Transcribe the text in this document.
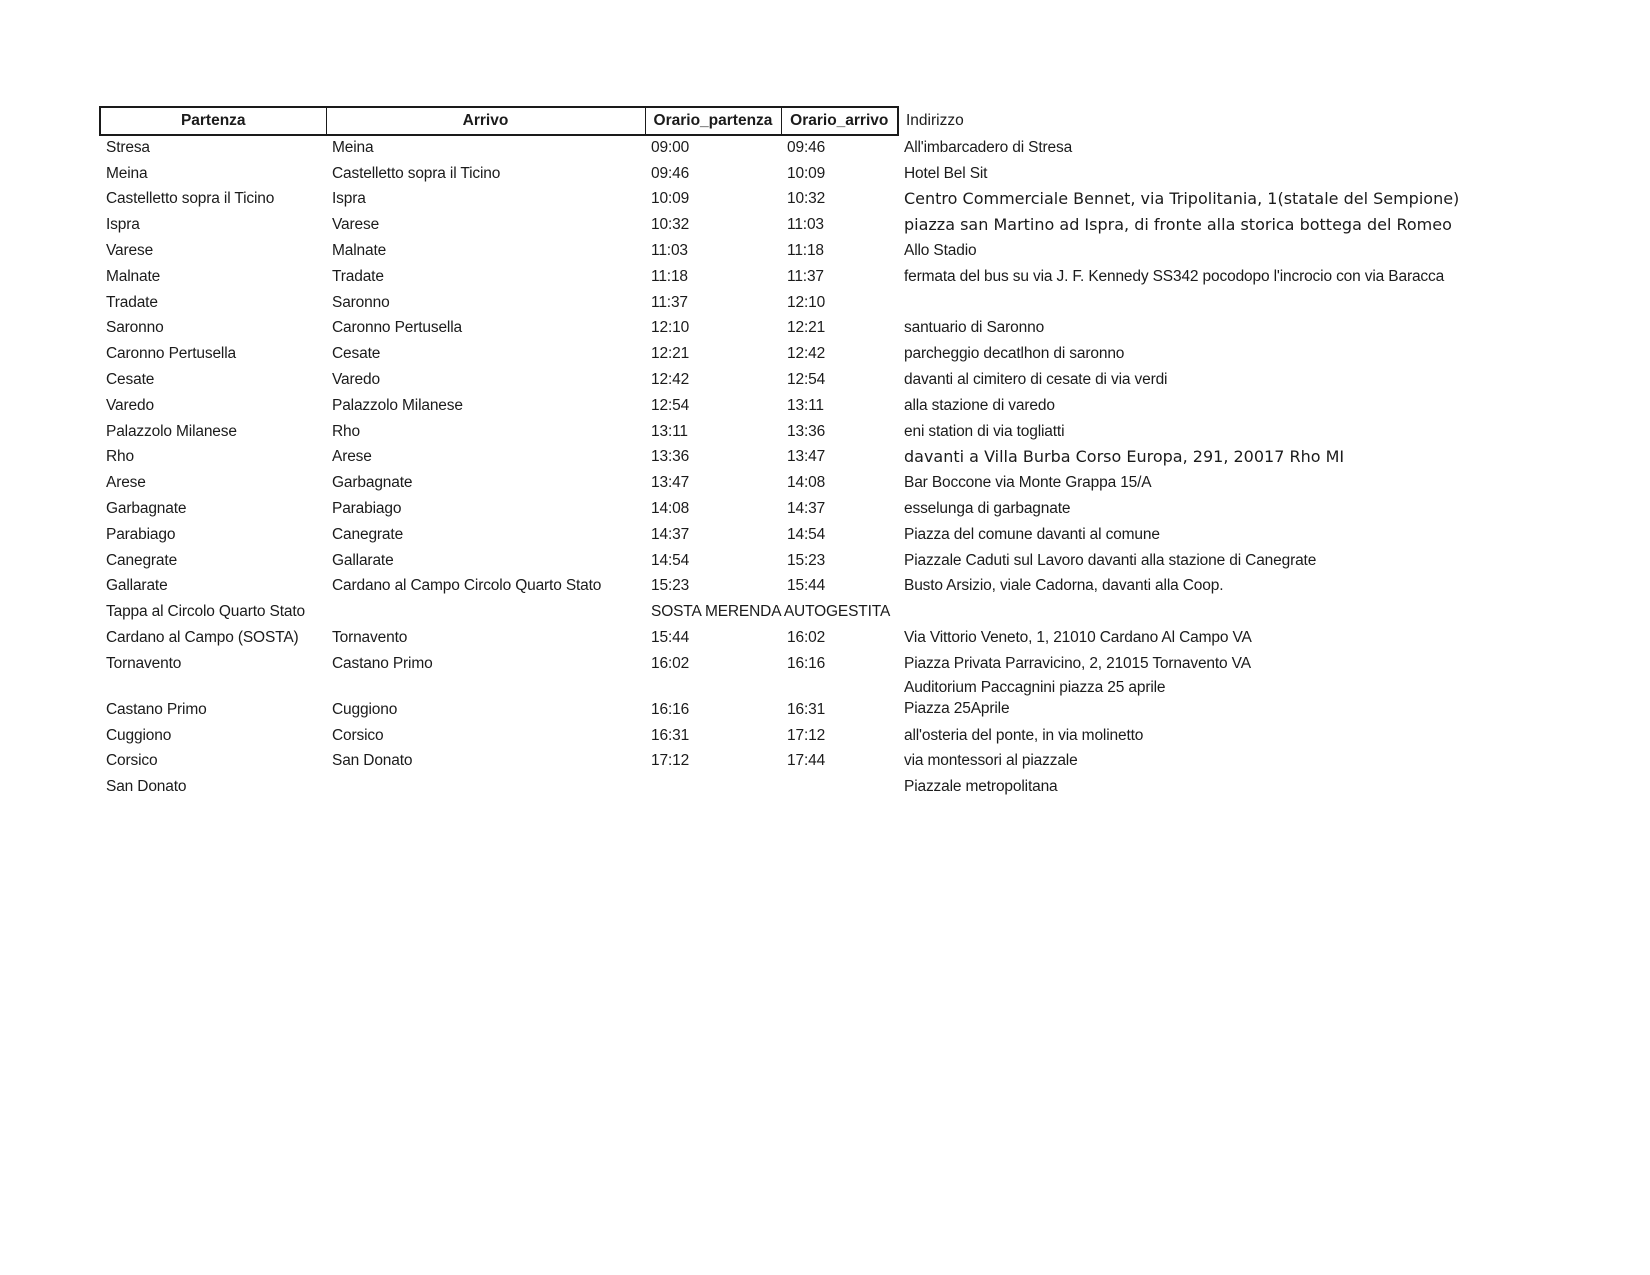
Partenza	Arrivo	Orario_partenza	Orario_arrivo	Indirizzo
Stresa	Meina	09:00	09:46	All'imbarcadero di Stresa
Meina	Castelletto sopra il Ticino	09:46	10:09	Hotel Bel Sit
Castelletto sopra il Ticino	Ispra	10:09	10:32	Centro Commerciale Bennet, via Tripolitania, 1(statale del Sempione)
Ispra	Varese	10:32	11:03	piazza san Martino ad Ispra, di fronte alla storica bottega del Romeo
Varese	Malnate	11:03	11:18	Allo Stadio
Malnate	Tradate	11:18	11:37	fermata del bus su via J. F. Kennedy SS342 pocodopo l'incrocio con via Baracca
Tradate	Saronno	11:37	12:10	
Saronno	Caronno Pertusella	12:10	12:21	santuario di Saronno
Caronno Pertusella	Cesate	12:21	12:42	parcheggio decatlhon di saronno
Cesate	Varedo	12:42	12:54	davanti al cimitero di cesate di via verdi
Varedo	Palazzolo Milanese	12:54	13:11	alla stazione di varedo
Palazzolo Milanese	Rho	13:11	13:36	eni station di via togliatti
Rho	Arese	13:36	13:47	davanti a Villa Burba Corso Europa, 291, 20017 Rho MI
Arese	Garbagnate	13:47	14:08	Bar Boccone via Monte Grappa 15/A
Garbagnate	Parabiago	14:08	14:37	esselunga di garbagnate
Parabiago	Canegrate	14:37	14:54	Piazza del comune davanti al comune
Canegrate	Gallarate	14:54	15:23	Piazzale Caduti sul Lavoro davanti alla stazione di Canegrate
Gallarate	Cardano al Campo Circolo Quarto Stato	15:23	15:44	Busto Arsizio, viale Cadorna, davanti alla Coop.
Tappa al Circolo Quarto Stato		SOSTA MERENDA AUTOGESTITA		
Cardano al Campo (SOSTA)	Tornavento	15:44	16:02	Via Vittorio Veneto, 1, 21010 Cardano Al Campo VA
Tornavento	Castano Primo	16:02	16:16	Piazza Privata Parravicino, 2, 21015 Tornavento VA
Castano Primo	Cuggiono	16:16	16:31	Auditorium Paccagnini piazza 25 aprile
Piazza 25Aprile

Cuggiono	Corsico	16:31	17:12	all'osteria del ponte, in via molinetto
Corsico	San Donato	17:12	17:44	via montessori al piazzale
San Donato				Piazzale metropolitana
